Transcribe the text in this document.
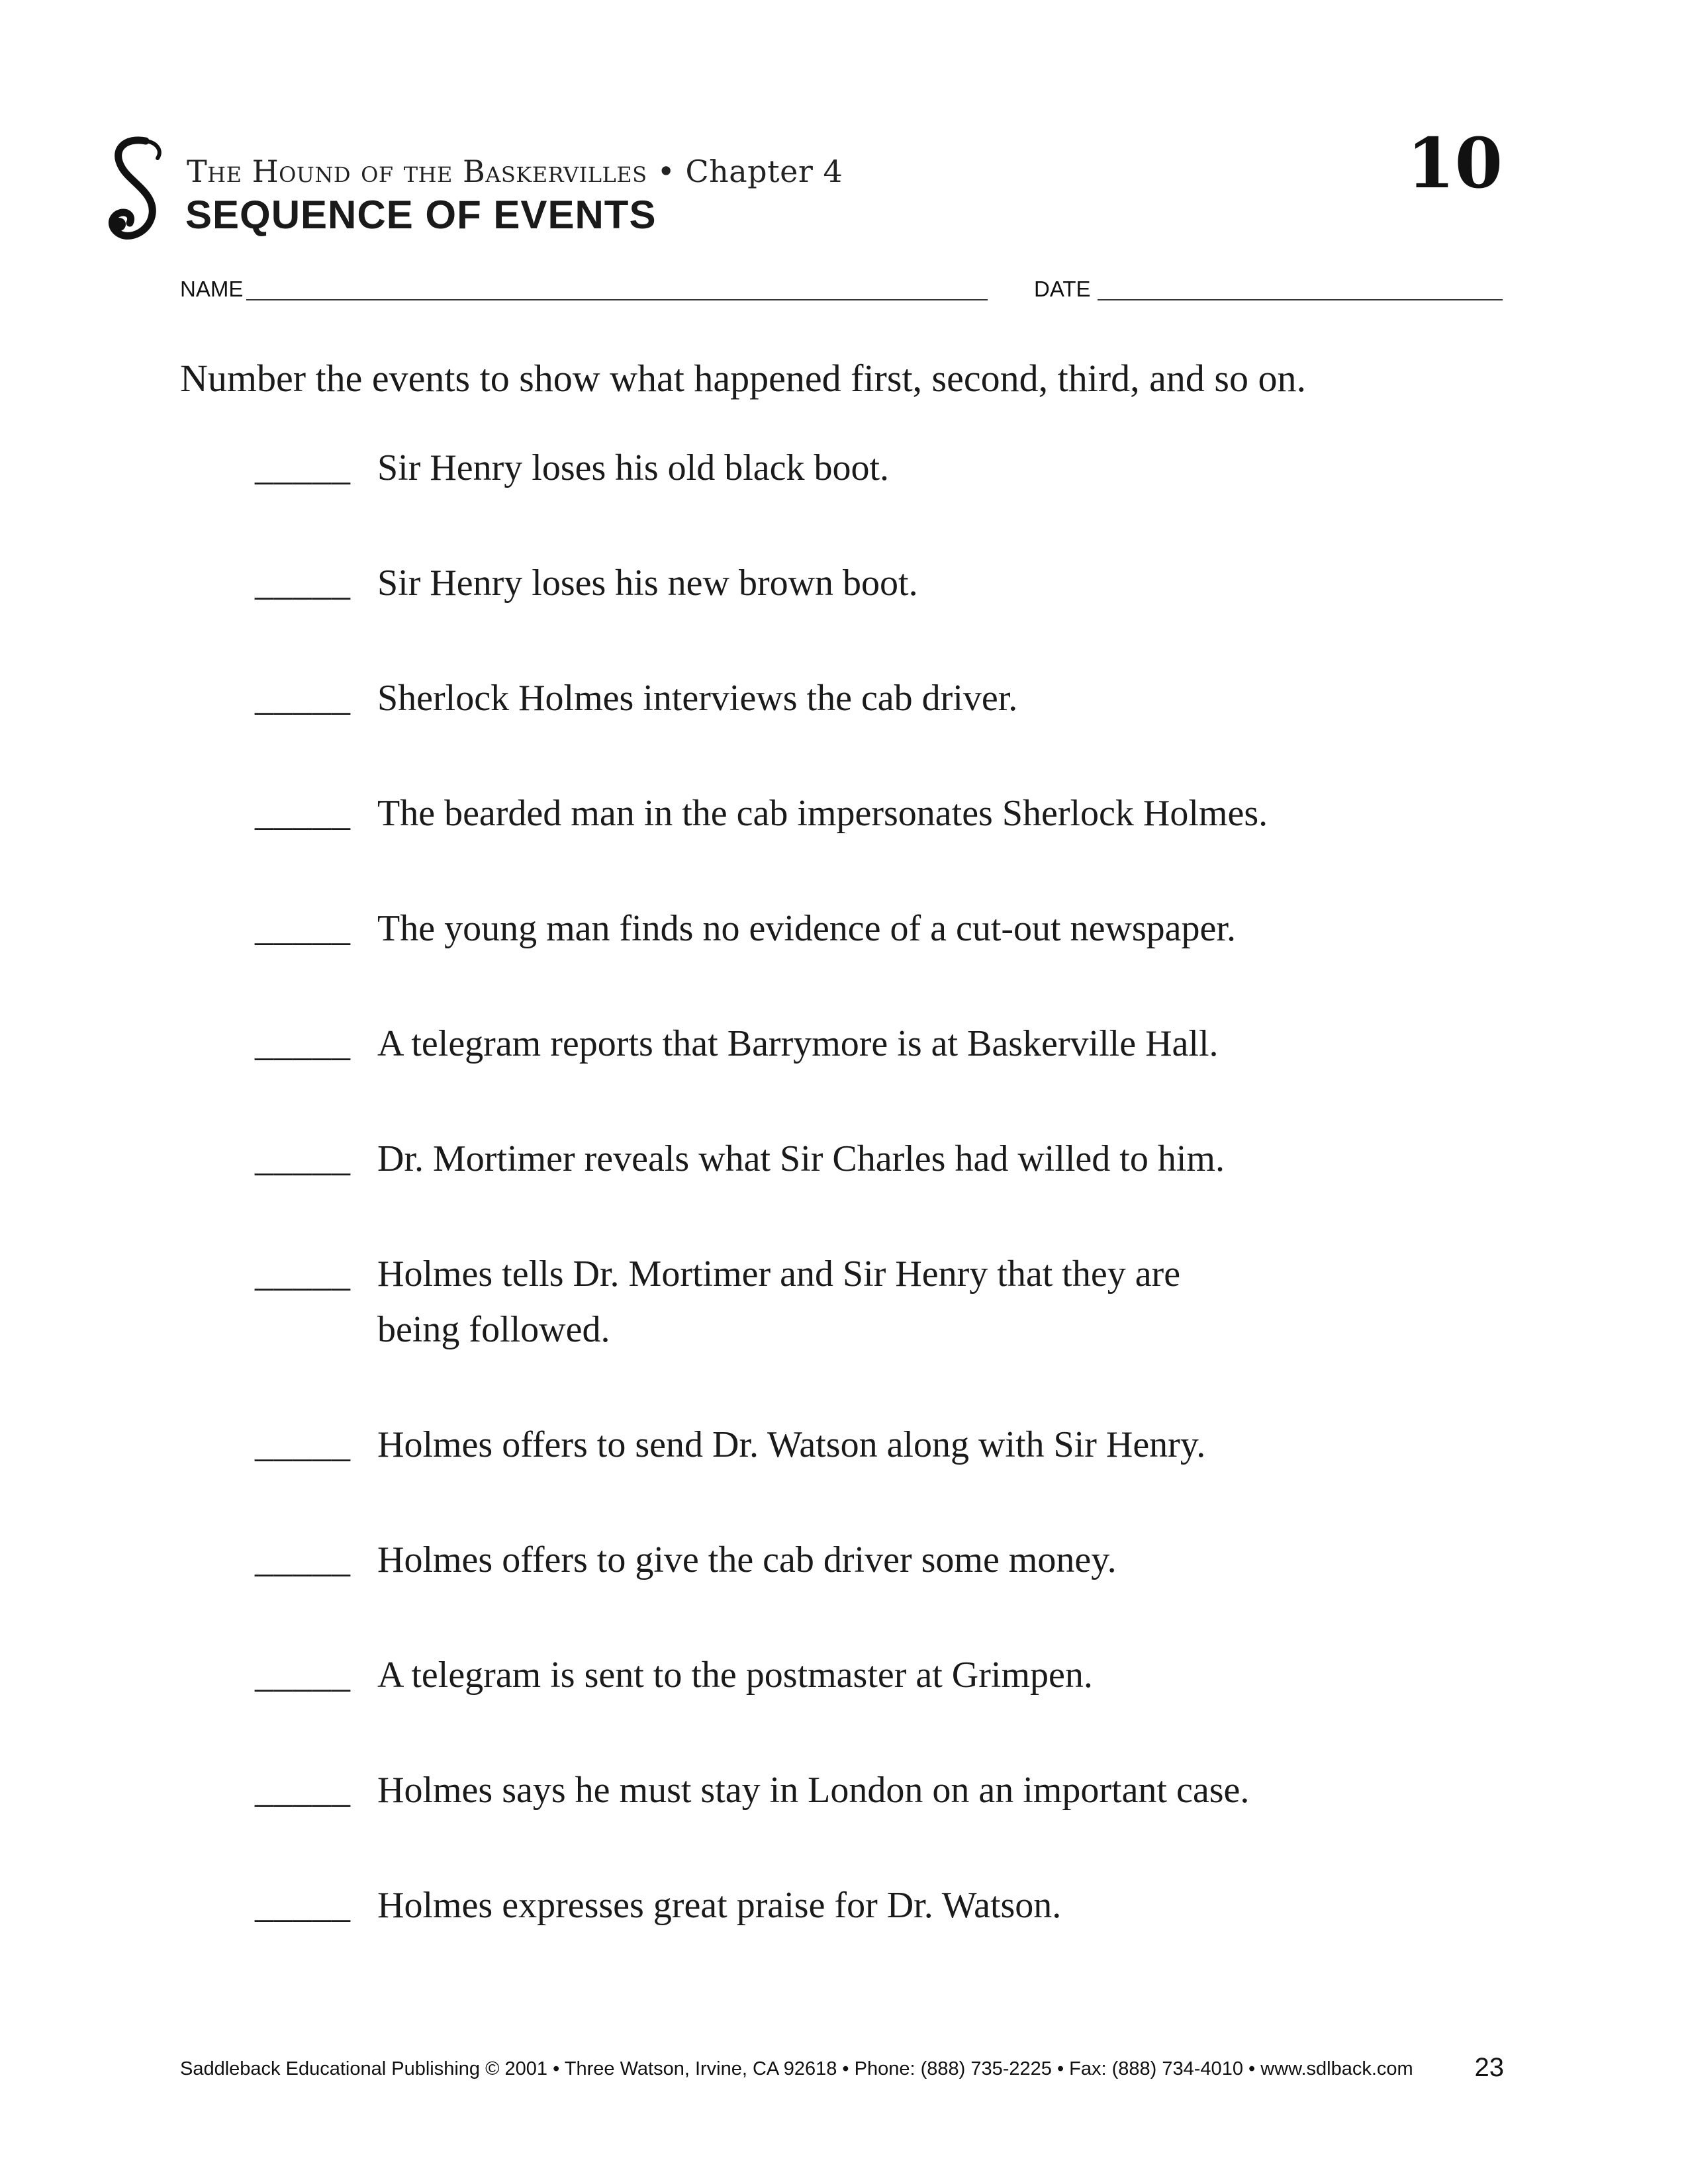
The Hound of the Baskervilles • Chapter 4
SEQUENCE OF EVENTS
10
NAME	DATE
Number the events to show what happened first, second, third, and so on.
_____ Sir Henry loses his old black boot.
_____ Sir Henry loses his new brown boot.
_____ Sherlock Holmes interviews the cab driver.
_____ The bearded man in the cab impersonates Sherlock Holmes.
_____ The young man finds no evidence of a cut-out newspaper.
_____ A telegram reports that Barrymore is at Baskerville Hall.
_____ Dr. Mortimer reveals what Sir Charles had willed to him.
_____ Holmes tells Dr. Mortimer and Sir Henry that they are being followed.
_____ Holmes offers to send Dr. Watson along with Sir Henry.
_____ Holmes offers to give the cab driver some money.
_____ A telegram is sent to the postmaster at Grimpen.
_____ Holmes says he must stay in London on an important case.
_____ Holmes expresses great praise for Dr. Watson.
Saddleback Educational Publishing © 2001 • Three Watson, Irvine, CA 92618 • Phone: (888) 735-2225 • Fax: (888) 734-4010 • www.sdlback.com 23
